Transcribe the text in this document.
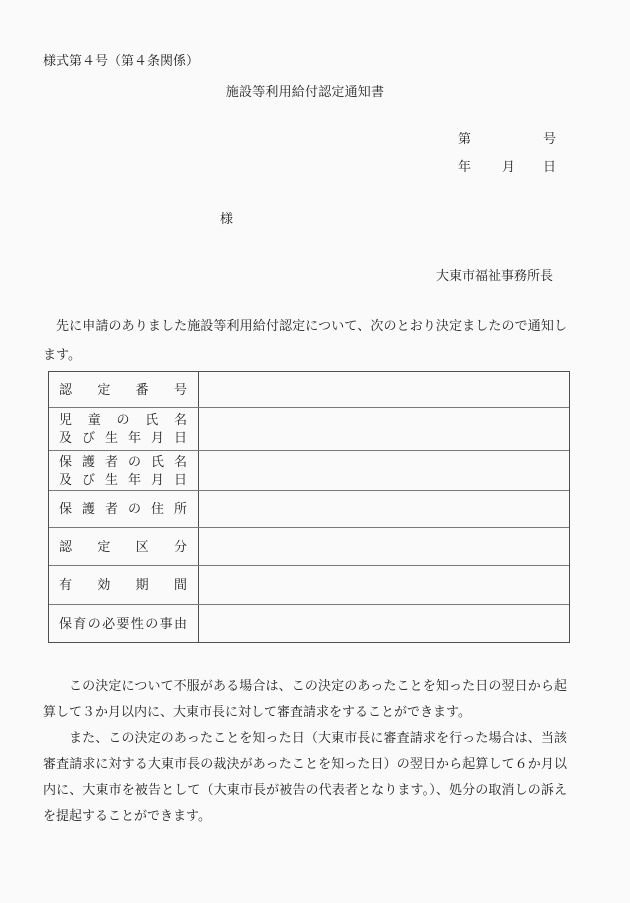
様式第４号（第４条関係）
施設等利用給付認定通知書
第	号
年 月 日
様
大東市福祉事務所長

先に申請のありました施設等利用給付認定について、次のとおり決定ましたので通知します。

認定番号
児童の氏名
及び生年月日
保護者の氏名
及び生年月日
保護者の住所
認定区分
有効期間
保育の必要性の事由

この決定について不服がある場合は、この決定のあったことを知った日の翌日から起算して３か月以内に、大東市長に対して審査請求をすることができます。

また、この決定のあったことを知った日（大東市長に審査請求を行った場合は、当該審査請求に対する大東市長の裁決があったことを知った日）の翌日から起算して６か月以内に、大東市を被告として（大東市長が被告の代表者となります。）、処分の取消しの訴えを提起することができます。
